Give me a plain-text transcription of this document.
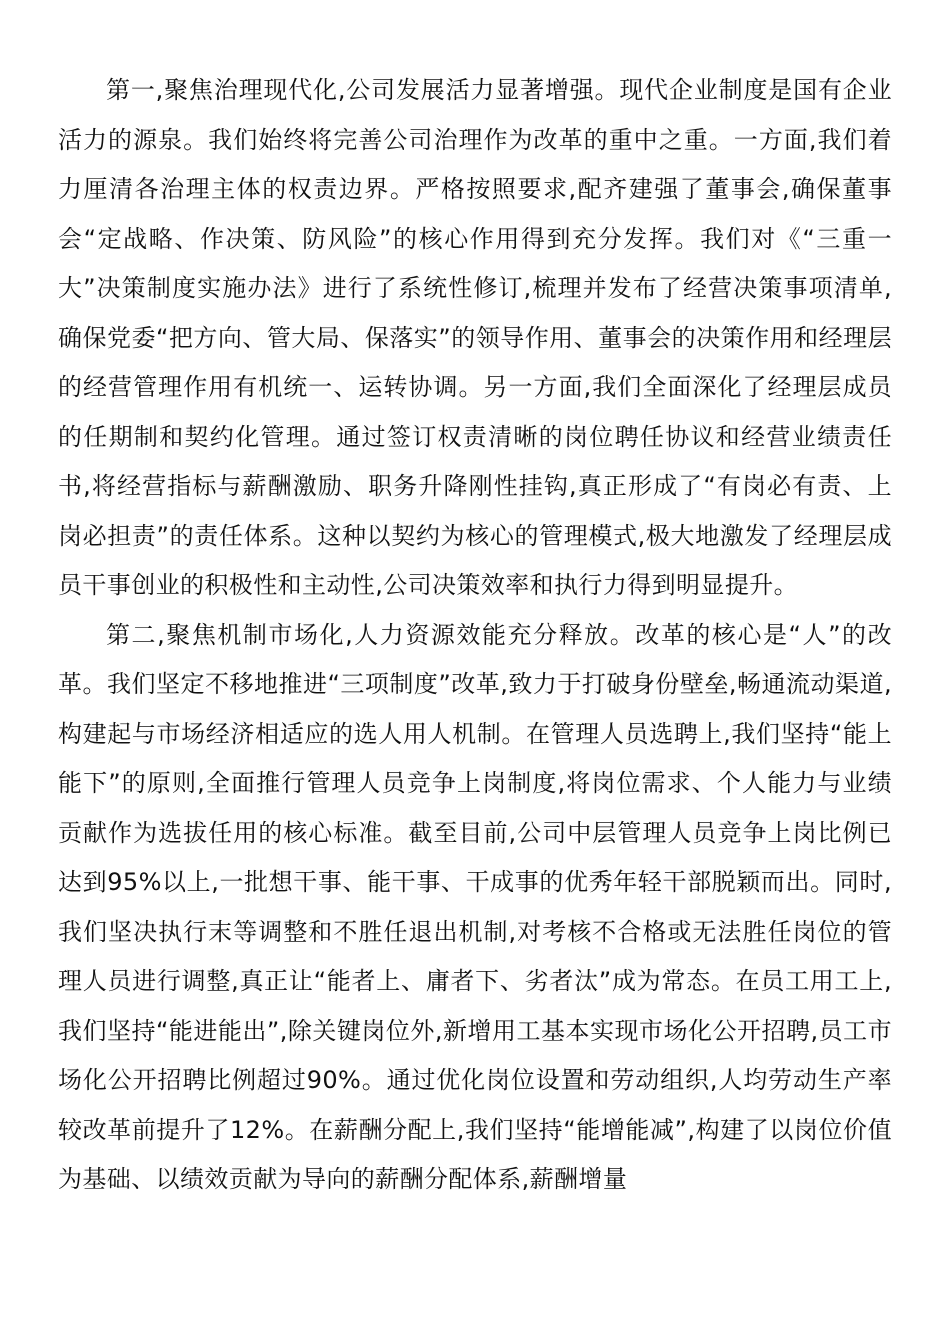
第一,聚焦治理现代化,公司发展活力显著增强。现代企业制度是国有企业活力的源泉。我们始终将完善公司治理作为改革的重中之重。一方面,我们着力厘清各治理主体的权责边界。严格按照要求,配齐建强了董事会,确保董事会“定战略、作决策、防风险”的核心作用得到充分发挥。我们对《“三重一大”决策制度实施办法》进行了系统性修订,梳理并发布了经营决策事项清单,确保党委“把方向、管大局、保落实”的领导作用、董事会的决策作用和经理层的经营管理作用有机统一、运转协调。另一方面,我们全面深化了经理层成员的任期制和契约化管理。通过签订权责清晰的岗位聘任协议和经营业绩责任书,将经营指标与薪酬激励、职务升降刚性挂钩,真正形成了“有岗必有责、上岗必担责”的责任体系。这种以契约为核心的管理模式,极大地激发了经理层成员干事创业的积极性和主动性,公司决策效率和执行力得到明显提升。

第二,聚焦机制市场化,人力资源效能充分释放。改革的核心是“人”的改革。我们坚定不移地推进“三项制度”改革,致力于打破身份壁垒,畅通流动渠道,构建起与市场经济相适应的选人用人机制。在管理人员选聘上,我们坚持“能上能下”的原则,全面推行管理人员竞争上岗制度,将岗位需求、个人能力与业绩贡献作为选拔任用的核心标准。截至目前,公司中层管理人员竞争上岗比例已达到95%以上,一批想干事、能干事、干成事的优秀年轻干部脱颖而出。同时,我们坚决执行末等调整和不胜任退出机制,对考核不合格或无法胜任岗位的管理人员进行调整,真正让“能者上、庸者下、劣者汰”成为常态。在员工用工上,我们坚持“能进能出”,除关键岗位外,新增用工基本实现市场化公开招聘,员工市场化公开招聘比例超过90%。通过优化岗位设置和劳动组织,人均劳动生产率较改革前提升了12%。在薪酬分配上,我们坚持“能增能减”,构建了以岗位价值为基础、以绩效贡献为导向的薪酬分配体系,薪酬增量
